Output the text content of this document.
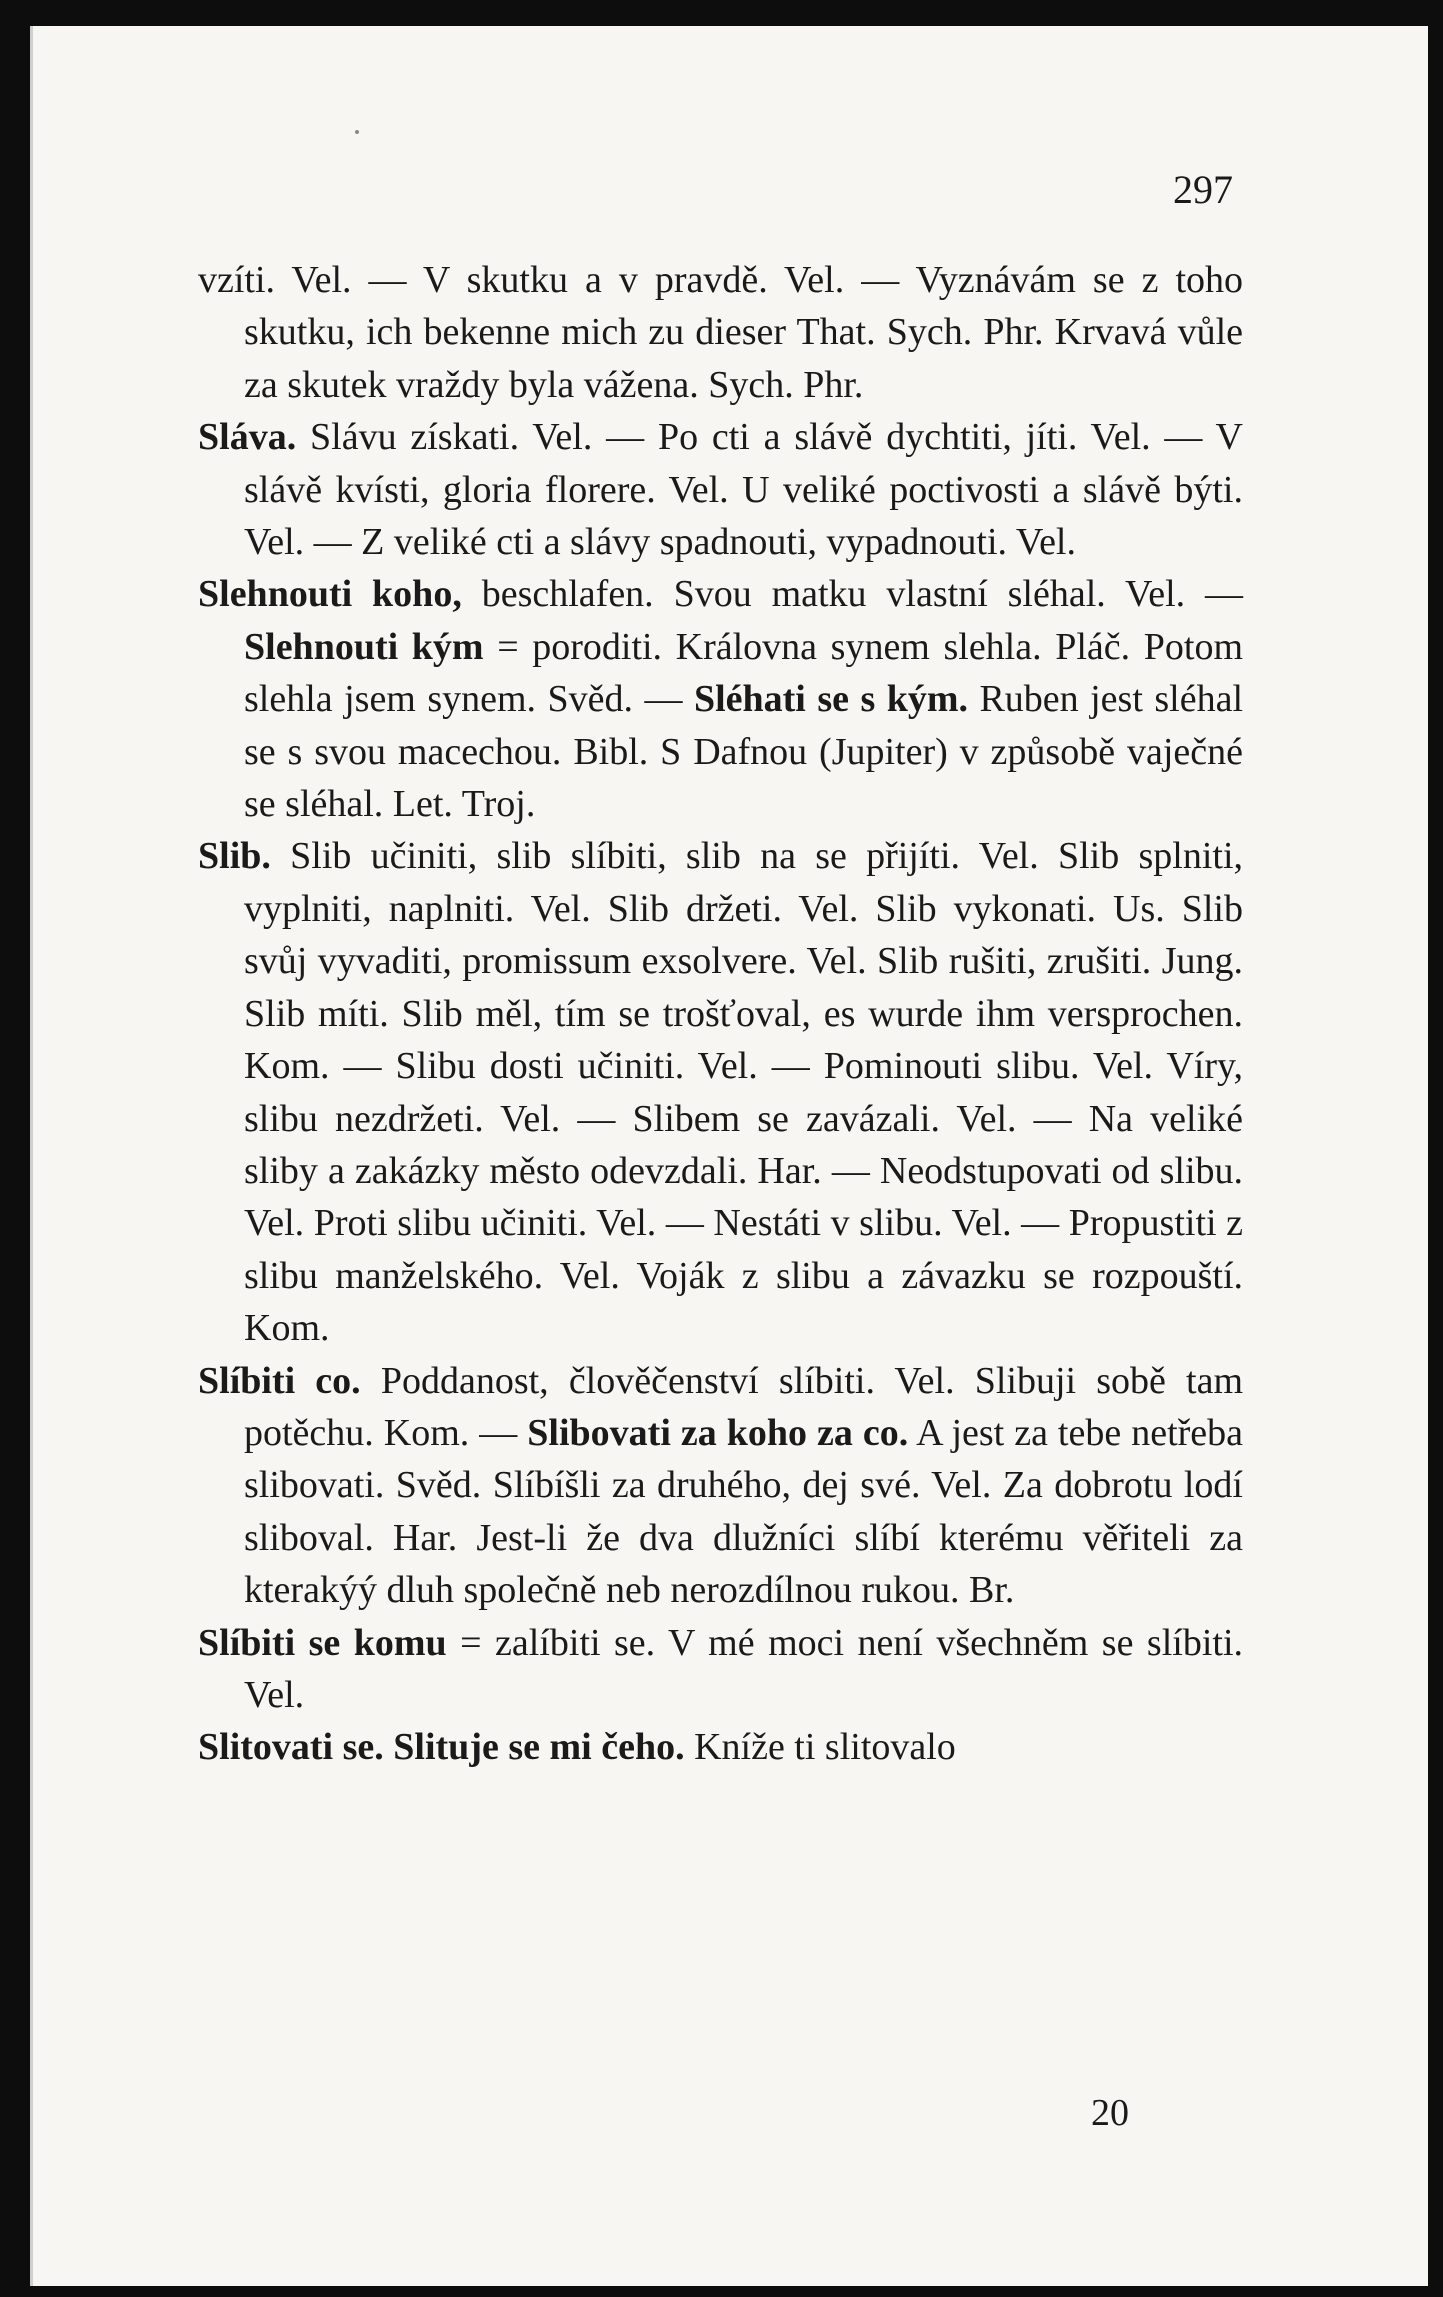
297

vzíti. Vel. — V skutku a v pravdě. Vel. — Vyznávám se z toho skutku, ich bekenne mich zu dieser That. Sych. Phr. Krvavá vůle za skutek vraždy byla vážena. Sych. Phr.

Sláva. Slávu získati. Vel. — Po cti a slávě dychtiti, jíti. Vel. — V slávě kvísti, gloria florere. Vel. U veliké poctivosti a slávě býti. Vel. — Z veliké cti a slávy spadnouti, vypadnouti. Vel.

Slehnouti koho, beschlafen. Svou matku vlastní sléhal. Vel. — Slehnouti kým = poroditi. Královna synem slehla. Pláč. Potom slehla jsem synem. Svěd. — Sléhati se s kým. Ruben jest sléhal se s svou macechou. Bibl. S Dafnou (Jupiter) v způsobě vaječné se sléhal. Let. Troj.

Slib. Slib učiniti, slib slíbiti, slib na se přijíti. Vel. Slib splniti, vyplniti, naplniti. Vel. Slib držeti. Vel. Slib vykonati. Us. Slib svůj vyvaditi, promissum exsolvere. Vel. Slib rušiti, zrušiti. Jung. Slib míti. Slib měl, tím se trošťoval, es wurde ihm versprochen. Kom. — Slibu dosti učiniti. Vel. — Pominouti slibu. Vel. Víry, slibu nezdržeti. Vel. — Slibem se zavázali. Vel. — Na veliké sliby a zakázky město odevzdali. Har. — Neodstupovati od slibu. Vel. Proti slibu učiniti. Vel. — Nestáti v slibu. Vel. — Propustiti z slibu manželského. Vel. Voják z slibu a závazku se rozpouští. Kom.

Slíbiti co. Poddanost, člověčenství slíbiti. Vel. Slibuji sobě tam potěchu. Kom. — Slibovati za koho za co. A jest za tebe netřeba slibovati. Svěd. Slíbíšli za druhého, dej své. Vel. Za dobrotu lodí slibоval. Har. Jest-li že dva dlužníci slíbí kterému věřiteli za kterakýý dluh společně neb nerozdílnou rukou. Br.

Slíbiti se komu = zalíbiti se. V mé moci není všechněm se slíbiti. Vel.

Slitovati se. Slituje se mi čeho. Kníže ti slitovalo

20
